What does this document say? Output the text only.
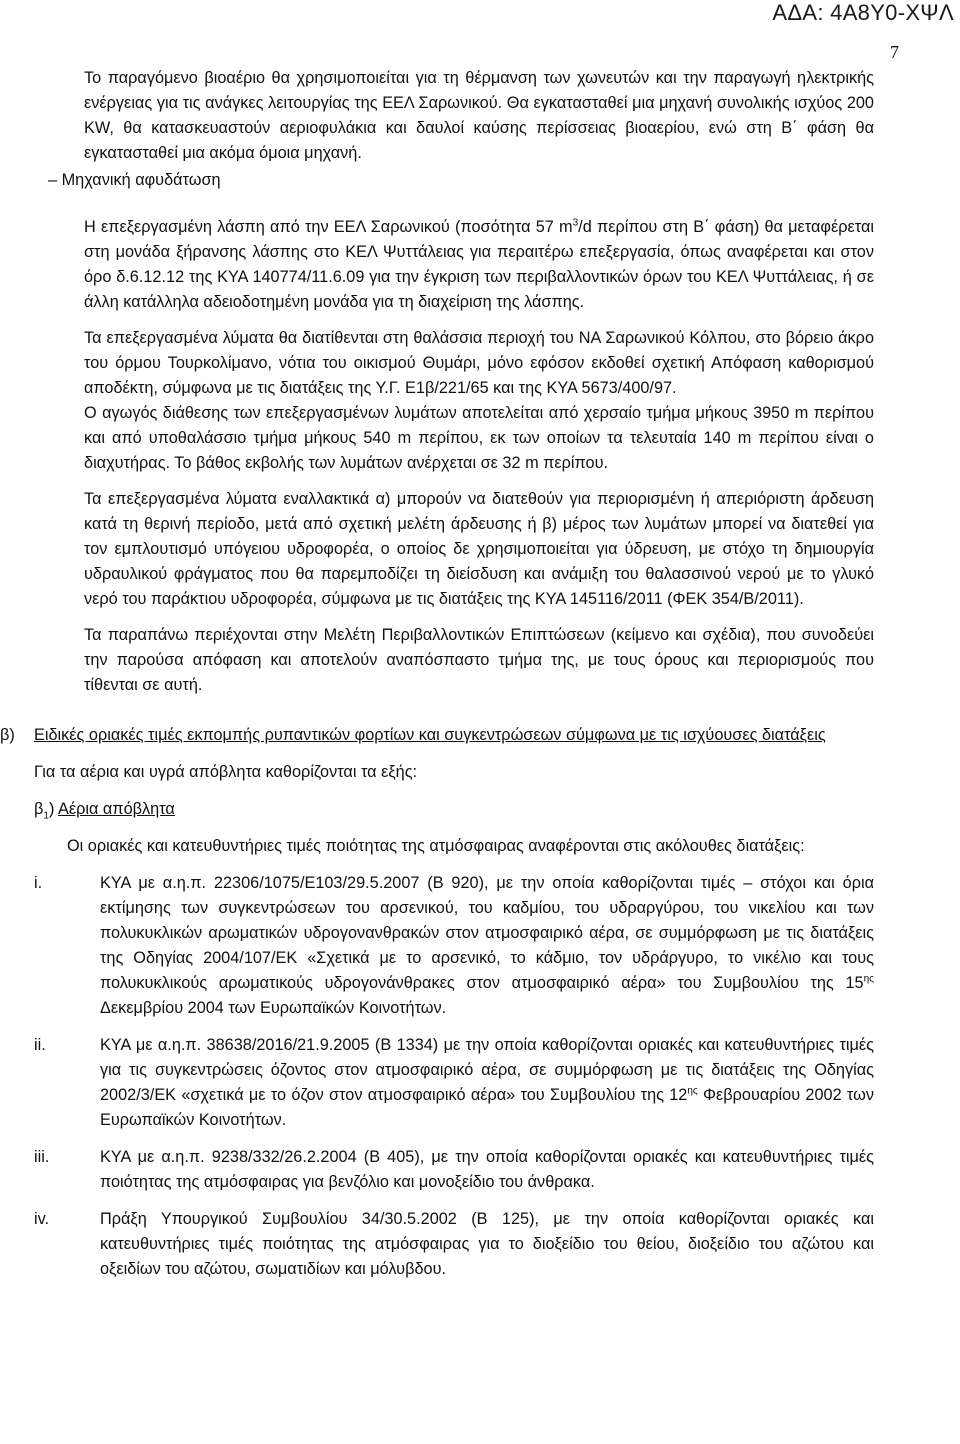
ΑΔΑ: 4Α8Υ0-ΧΨΛ
7

Το παραγόμενο βιοαέριο θα χρησιμοποιείται για τη θέρμανση των χωνευτών και την παραγωγή ηλεκτρικής ενέργειας για τις ανάγκες λειτουργίας της ΕΕΛ Σαρωνικού. Θα εγκατασταθεί μια μηχανή συνολικής ισχύος 200 KW, θα κατασκευαστούν αεριοφυλάκια και δαυλοί καύσης περίσσειας βιοαερίου, ενώ στη Β΄ φάση θα εγκατασταθεί μια ακόμα όμοια μηχανή.

– Μηχανική αφυδάτωση

Η επεξεργασμένη λάσπη από την ΕΕΛ Σαρωνικού (ποσότητα 57 $m^3/d$ περίπου στη Β΄ φάση) θα μεταφέρεται στη μονάδα ξήρανσης λάσπης στο ΚΕΛ Ψυττάλειας για περαιτέρω επεξεργασία, όπως αναφέρεται και στον όρο δ.6.12.12 της ΚΥΑ 140774/11.6.09 για την έγκριση των περιβαλλοντικών όρων του ΚΕΛ Ψυττάλειας, ή σε άλλη κατάλληλα αδειοδοτημένη μονάδα για τη διαχείριση της λάσπης.

Τα επεξεργασμένα λύματα θα διατίθενται στη θαλάσσια περιοχή του ΝΑ Σαρωνικού Κόλπου, στο βόρειο άκρο του όρμου Τουρκολίμανο, νότια του οικισμού Θυμάρι, μόνο εφόσον εκδοθεί σχετική Απόφαση καθορισμού αποδέκτη, σύμφωνα με τις διατάξεις της Υ.Γ. Ε1β/221/65 και της ΚΥΑ 5673/400/97.

Ο αγωγός διάθεσης των επεξεργασμένων λυμάτων αποτελείται από χερσαίο τμήμα μήκους 3950 m περίπου και από υποθαλάσσιο τμήμα μήκους 540 m περίπου, εκ των οποίων τα τελευταία 140 m περίπου είναι ο διαχυτήρας. Το βάθος εκβολής των λυμάτων ανέρχεται σε 32 m περίπου.

Τα επεξεργασμένα λύματα εναλλακτικά α) μπορούν να διατεθούν για περιορισμένη ή απεριόριστη άρδευση κατά τη θερινή περίοδο, μετά από σχετική μελέτη άρδευσης ή β) μέρος των λυμάτων μπορεί να διατεθεί για τον εμπλουτισμό υπόγειου υδροφορέα, ο οποίος δε χρησιμοποιείται για ύδρευση, με στόχο τη δημιουργία υδραυλικού φράγματος που θα παρεμποδίζει τη διείσδυση και ανάμιξη του θαλασσινού νερού με το γλυκό νερό του παράκτιου υδροφορέα, σύμφωνα με τις διατάξεις της ΚΥΑ 145116/2011 (ΦΕΚ 354/Β/2011).

Τα παραπάνω περιέχονται στην Μελέτη Περιβαλλοντικών Επιπτώσεων (κείμενο και σχέδια), που συνοδεύει την παρούσα απόφαση και αποτελούν αναπόσπαστο τμήμα της, με τους όρους και περιορισμούς που τίθενται σε αυτή.

β) Ειδικές οριακές τιμές εκπομπής ρυπαντικών φορτίων και συγκεντρώσεων σύμφωνα με τις ισχύουσες διατάξεις

Για τα αέρια και υγρά απόβλητα καθορίζονται τα εξής:

$\beta_1$) Αέρια απόβλητα

Οι οριακές και κατευθυντήριες τιμές ποιότητας της ατμόσφαιρας αναφέρονται στις ακόλουθες διατάξεις:

i.	ΚΥΑ με α.η.π. 22306/1075/Ε103/29.5.2007 (Β 920), με την οποία καθορίζονται τιμές – στόχοι και όρια εκτίμησης των συγκεντρώσεων του αρσενικού, του καδμίου, του υδραργύρου, του νικελίου και των πολυκυκλικών αρωματικών υδρογονανθρακών στον ατμοσφαιρικό αέρα, σε συμμόρφωση με τις διατάξεις της Οδηγίας 2004/107/ΕΚ «Σχετικά με το αρσενικό, το κάδμιο, τον υδράργυρο, το νικέλιο και τους πολυκυκλικούς αρωματικούς υδρογονάνθρακες στον ατμοσφαιρικό αέρα» του Συμβουλίου της $15^{\eta\varsigma}$ Δεκεμβρίου 2004 των Ευρωπαϊκών Κοινοτήτων.
ii.	ΚΥΑ με α.η.π. 38638/2016/21.9.2005 (Β 1334) με την οποία καθορίζονται οριακές και κατευθυντήριες τιμές για τις συγκεντρώσεις όζοντος στον ατμοσφαιρικό αέρα, σε συμμόρφωση με τις διατάξεις της Οδηγίας 2002/3/ΕΚ «σχετικά με το όζον στον ατμοσφαιρικό αέρα» του Συμβουλίου της $12^{\eta\varsigma}$ Φεβρουαρίου 2002 των Ευρωπαϊκών Κοινοτήτων.
iii.	ΚΥΑ με α.η.π. 9238/332/26.2.2004 (Β 405), με την οποία καθορίζονται οριακές και κατευθυντήριες τιμές ποιότητας της ατμόσφαιρας για βενζόλιο και μονοξείδιο του άνθρακα.
iv.	Πράξη Υπουργικού Συμβουλίου 34/30.5.2002 (Β 125), με την οποία καθορίζονται οριακές και κατευθυντήριες τιμές ποιότητας της ατμόσφαιρας για το διοξείδιο του θείου, διοξείδιο του αζώτου και οξειδίων του αζώτου, σωματιδίων και μόλυβδου.
